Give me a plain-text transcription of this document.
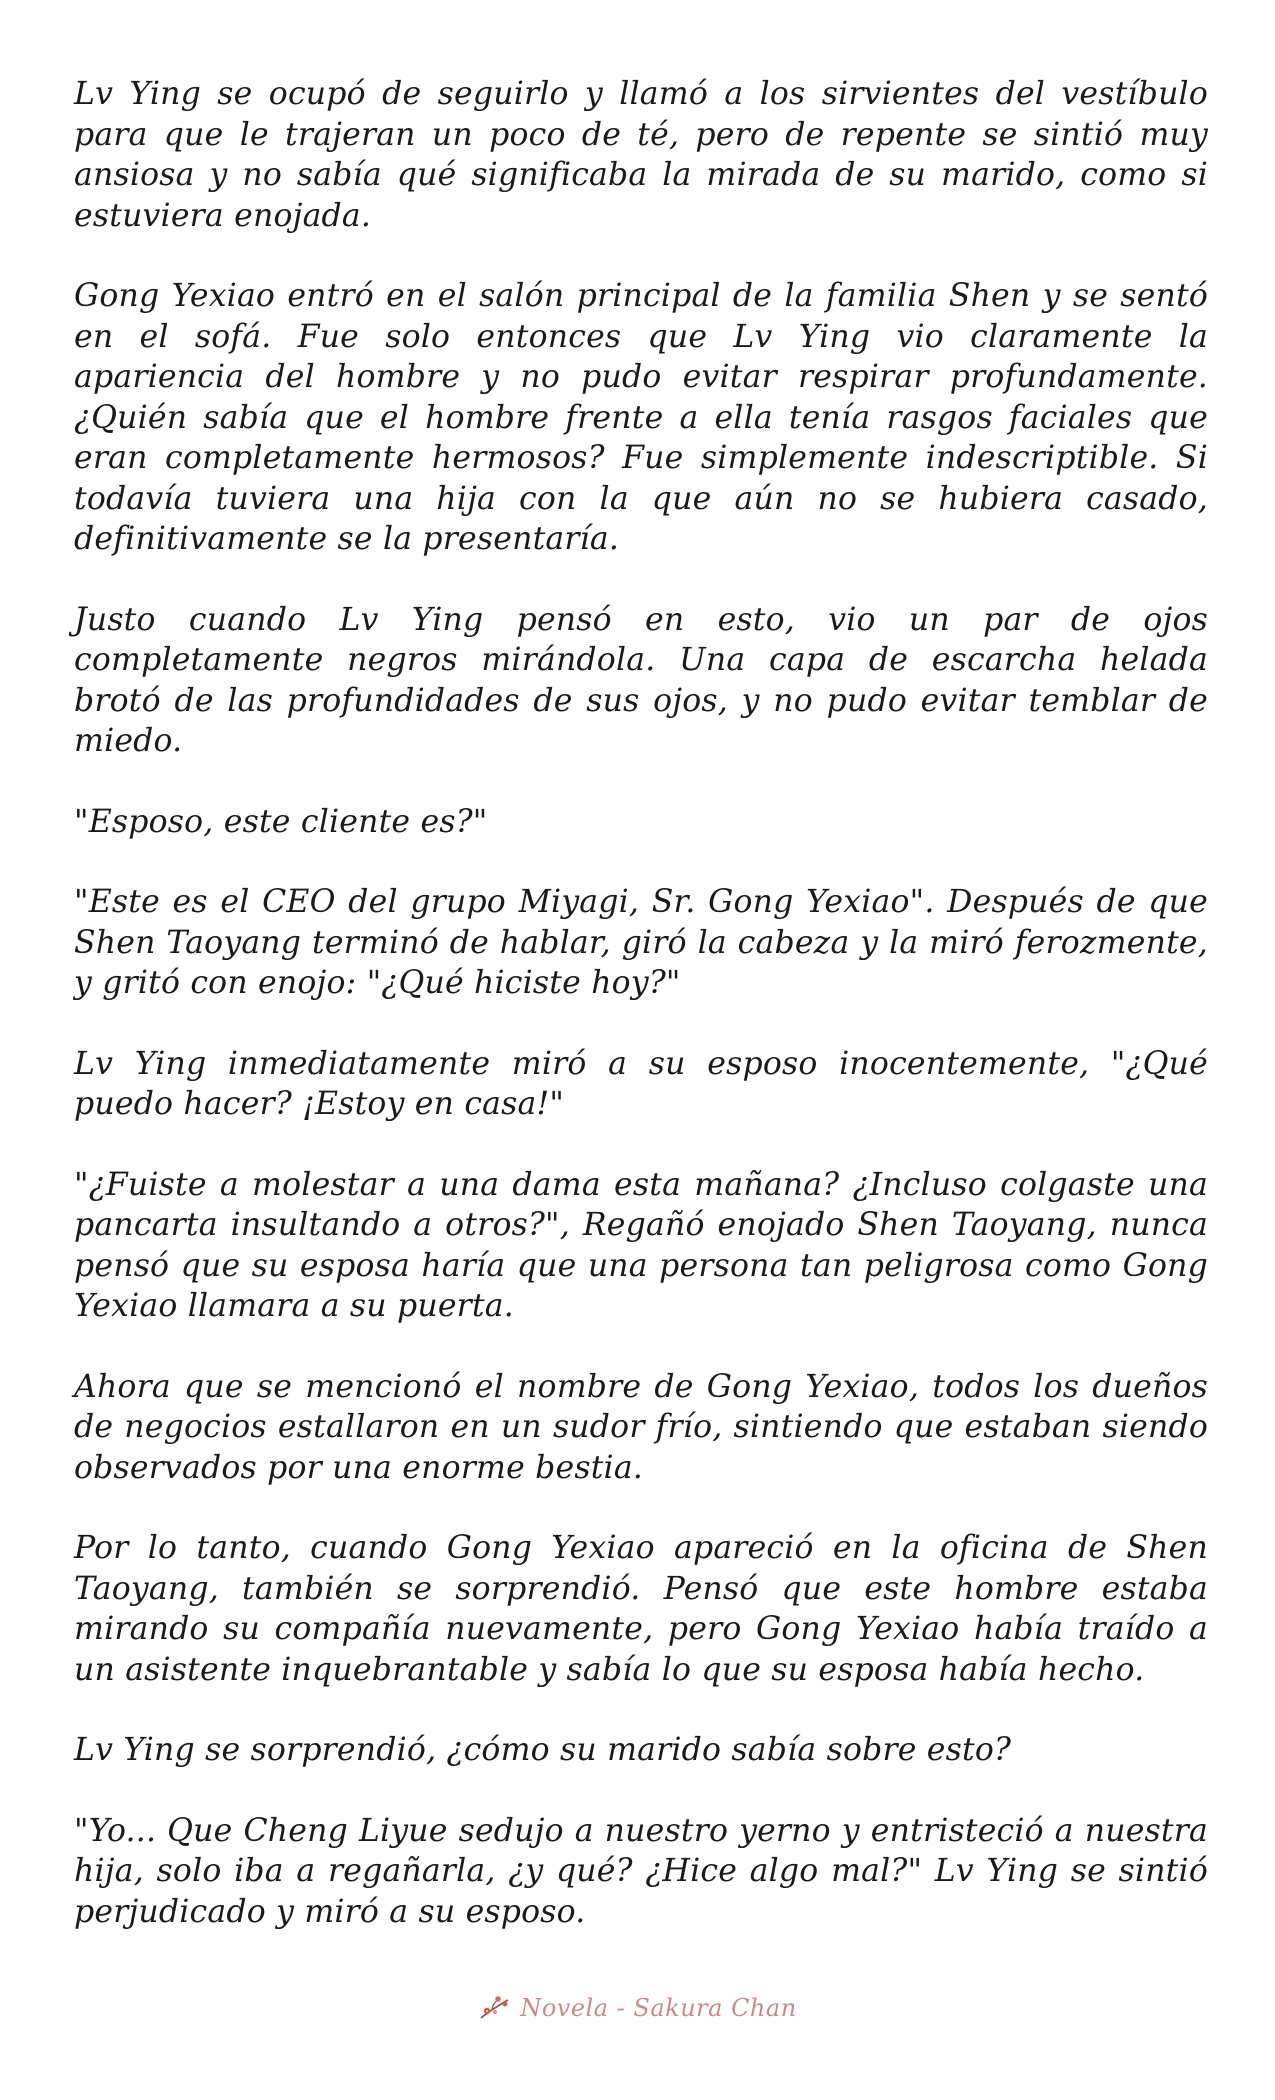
Lv Ying se ocupó de seguirlo y llamó a los sirvientes del vestíbulo para que le trajeran un poco de té, pero de repente se sintió muy ansiosa y no sabía qué significaba la mirada de su marido, como si estuviera enojada.

Gong Yexiao entró en el salón principal de la familia Shen y se sentó en el sofá. Fue solo entonces que Lv Ying vio claramente la apariencia del hombre y no pudo evitar respirar profundamente. ¿Quién sabía que el hombre frente a ella tenía rasgos faciales que eran completamente hermosos? Fue simplemente indescriptible. Si todavía tuviera una hija con la que aún no se hubiera casado, definitivamente se la presentaría.

Justo cuando Lv Ying pensó en esto, vio un par de ojos completamente negros mirándola. Una capa de escarcha helada brotó de las profundidades de sus ojos, y no pudo evitar temblar de miedo.

"Esposo, este cliente es?"

"Este es el CEO del grupo Miyagi, Sr. Gong Yexiao". Después de que Shen Taoyang terminó de hablar, giró la cabeza y la miró ferozmente, y gritó con enojo: "¿Qué hiciste hoy?"

Lv Ying inmediatamente miró a su esposo inocentemente, "¿Qué puedo hacer? ¡Estoy en casa!"

"¿Fuiste a molestar a una dama esta mañana? ¿Incluso colgaste una pancarta insultando a otros?", Regañó enojado Shen Taoyang, nunca pensó que su esposa haría que una persona tan peligrosa como Gong Yexiao llamara a su puerta.

Ahora que se mencionó el nombre de Gong Yexiao, todos los dueños de negocios estallaron en un sudor frío, sintiendo que estaban siendo observados por una enorme bestia.

Por lo tanto, cuando Gong Yexiao apareció en la oficina de Shen Taoyang, también se sorprendió. Pensó que este hombre estaba mirando su compañía nuevamente, pero Gong Yexiao había traído a un asistente inquebrantable y sabía lo que su esposa había hecho.

Lv Ying se sorprendió, ¿cómo su marido sabía sobre esto?

"Yo... Que Cheng Liyue sedujo a nuestro yerno y entristeció a nuestra hija, solo iba a regañarla, ¿y qué? ¿Hice algo mal?" Lv Ying se sintió perjudicado y miró a su esposo.

Novela - Sakura Chan
